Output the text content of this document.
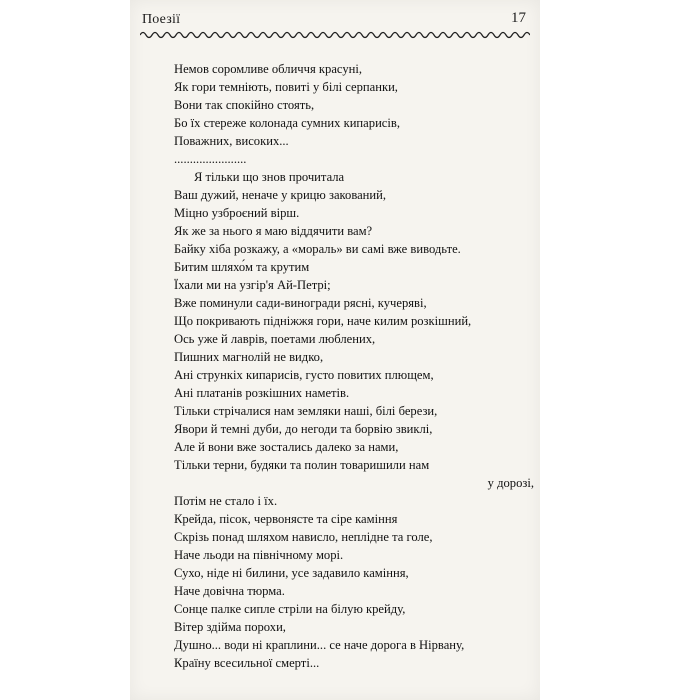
Поезії	17
Немов соромливе обличчя красуні,
Як гори темніють, повиті у білі серпанки,
Вони так спокійно стоять,
Бо їх стереже колонада сумних кипарисів,
Поважних, високих...
.......................
Я тільки що знов прочитала
Ваш дужий, неначе у крицю закований,
Міцно узброєний вірш.
Як же за нього я маю віддячити вам?
Байку хіба розкажу, а «мораль» ви самі вже виводьте.
Битим шляхо́м та крутим
Їхали ми на узгір'я Ай-Петрі;
Вже поминули сади-виногради рясні, кучеряві,
Що покривають підніжжя гори, наче килим розкішний,
Ось уже й лаврів, поетами люблених,
Пишних магнолій не видко,
Ані стрункіх кипарисів, густо повитих плющем,
Ані платанів розкішних наметів.
Тільки стрічалися нам земляки наші, білі берези,
Явори й темні дуби, до негоди та борвію звиклі,
Але й вони вже зостались далеко за нами,
Тільки терни, будяки та полин товаришили нам
у дорозі,
Потім не стало і їх.
Крейда, пісок, червонясте та сіре каміння
Скрізь понад шляхом нависло, неплідне та голе,
Наче льоди на північному морі.
Сухо, ніде ні билини, усе задавило каміння,
Наче довічна тюрма.
Сонце палке сипле стріли на білую крейду,
Вітер здійма порохи,
Душно... води ні краплини... се наче дорога в Нірвану,
Країну всесильної смерті...
